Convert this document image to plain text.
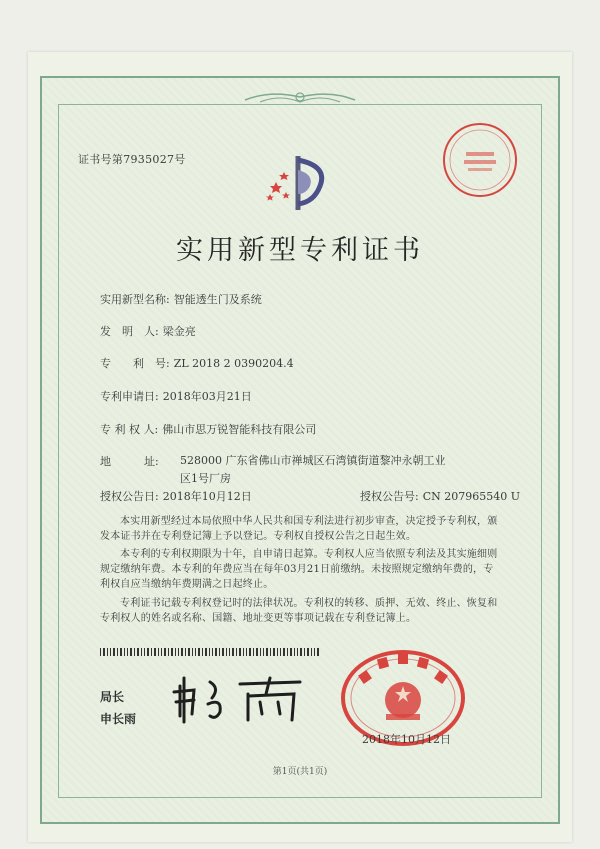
证书号第7935027号
实用新型专利证书
实用新型名称: 智能透生门及系统
发　明　人: 梁金亮
专　　利　号: ZL 2018 2 0390204.4
专利申请日: 2018年03月21日
专 利 权 人: 佛山市思万锐智能科技有限公司
地　　　址: 528000 广东省佛山市禅城区石湾镇街道黎冲永朝工业区1号厂房
授权公告日: 2018年10月12日	授权公告号: CN 207965540 U
本实用新型经过本局依照中华人民共和国专利法进行初步审查，决定授予专利权，颁发本证书并在专利登记簿上予以登记。专利权自授权公告之日起生效。
本专利的专利权期限为十年，自申请日起算。专利权人应当依照专利法及其实施细则规定缴纳年费。本专利的年费应当在每年03月21日前缴纳。未按照规定缴纳年费的，专利权自应当缴纳年费期满之日起终止。
专利证书记载专利权登记时的法律状况。专利权的转移、质押、无效、终止、恢复和专利权人的姓名或名称、国籍、地址变更等事项记载在专利登记簿上。
局长
申长雨
2018年10月12日
第1页(共1页)
